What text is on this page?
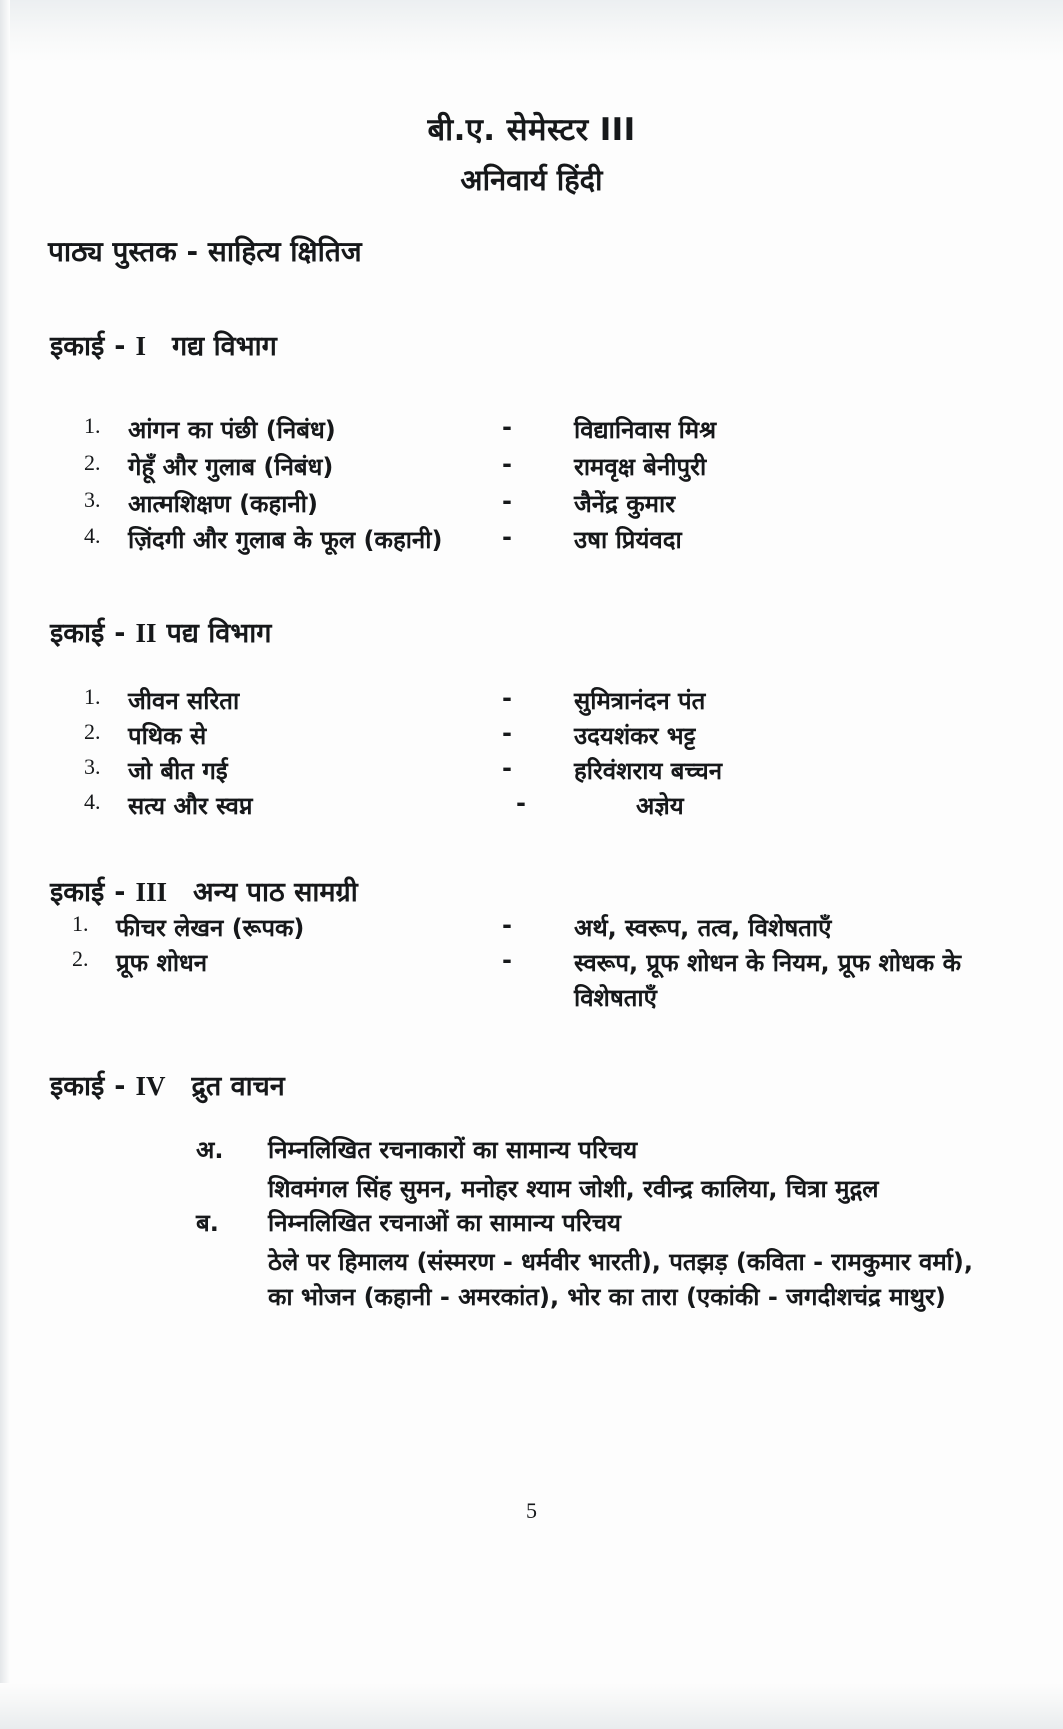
बी.ए. सेमेस्टर III
अनिवार्य हिंदी
पाठ्य पुस्तक - साहित्य क्षितिज
इकाई - I गद्य विभाग
1.	आंगन का पंछी (निबंध)	-	विद्यानिवास मिश्र
2.	गेहूँ और गुलाब (निबंध)	-	रामवृक्ष बेनीपुरी
3.	आत्मशिक्षण (कहानी)	-	जैनेंद्र कुमार
4.	ज़िंदगी और गुलाब के फूल (कहानी) -	उषा प्रियंवदा
इकाई - II पद्य विभाग
1.	जीवन सरिता	-	सुमित्रानंदन पंत
2.	पथिक से	-	उदयशंकर भट्ट
3.	जो बीत गई	-	हरिवंशराय बच्चन
4.	सत्य और स्वप्न	-	अज्ञेय
इकाई - III अन्य पाठ सामग्री
1.	फीचर लेखन (रूपक)	-	अर्थ, स्वरूप, तत्व, विशेषताएँ
2.	प्रूफ शोधन	-	स्वरूप, प्रूफ शोधन के नियम, प्रूफ शोधक के
विशेषताएँ
इकाई - IV द्रुत वाचन
अ. निम्नलिखित रचनाकारों का सामान्य परिचय
शिवमंगल सिंह सुमन, मनोहर श्याम जोशी, रवीन्द्र कालिया, चित्रा मुद्गल
ब. निम्नलिखित रचनाओं का सामान्य परिचय
ठेले पर हिमालय (संस्मरण - धर्मवीर भारती), पतझड़ (कविता - रामकुमार वर्मा),
का भोजन (कहानी - अमरकांत), भोर का तारा (एकांकी - जगदीशचंद्र माथुर)
5
